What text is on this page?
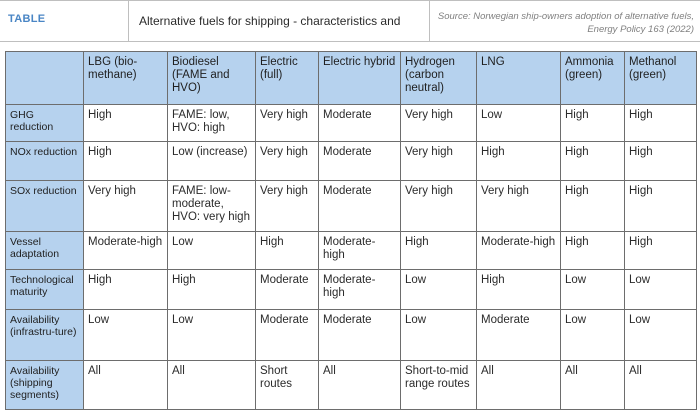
TABLE	Alternative fuels for shipping - characteristics and	Source: Norwegian ship-owners adoption of alternative fuels,
Energy Policy 163 (2022)
	LBG (bio-methane)	Biodiesel (FAME and HVO)	Electric (full)	Electric hybrid	Hydrogen (carbon neutral)	LNG	Ammonia (green)	Methanol (green)
GHG reduction	High	FAME: low, HVO: high	Very high	Moderate	Very high	Low	High	High
NOx reduction	High	Low (increase)	Very high	Moderate	Very high	High	High	High
SOx reduction	Very high	FAME: low-moderate, HVO: very high	Very high	Moderate	Very high	Very high	High	High
Vessel adaptation	Moderate-high	Low	High	Moderate-high	High	Moderate-high	High	High
Technological maturity	High	High	Moderate	Moderate-high	Low	High	Low	Low
Availability (infrastru-ture)	Low	Low	Moderate	Moderate	Low	Moderate	Low	Low
Availability (shipping segments)	All	All	Short routes	All	Short-to-mid range routes	All	All	All
